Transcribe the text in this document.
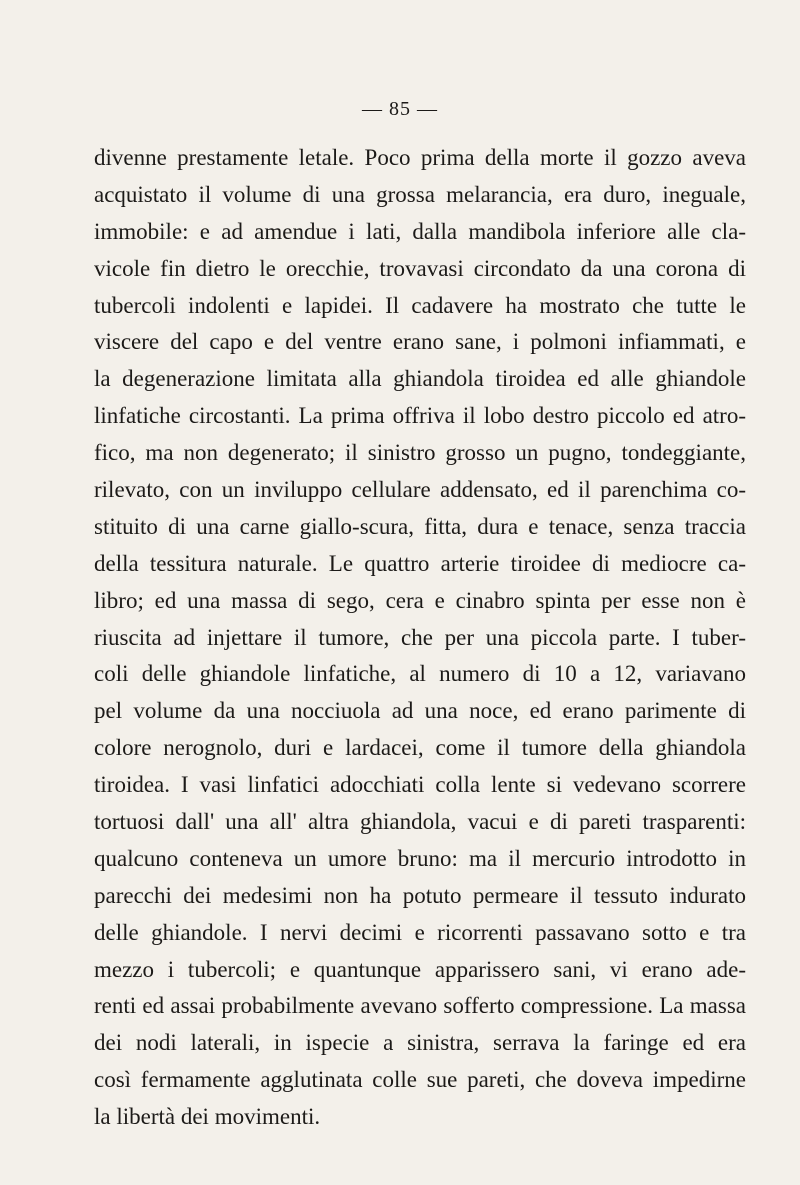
— 85 —
divenne prestamente letale. Poco prima della morte il gozzo aveva
acquistato il volume di una grossa melarancia, era duro, ineguale,
immobile: e ad amendue i lati, dalla mandibola inferiore alle cla-
vicole fin dietro le orecchie, trovavasi circondato da una corona di
tubercoli indolenti e lapidei. Il cadavere ha mostrato che tutte le
viscere del capo e del ventre erano sane, i polmoni infiammati, e
la degenerazione limitata alla ghiandola tiroidea ed alle ghiandole
linfatiche circostanti. La prima offriva il lobo destro piccolo ed atro-
fico, ma non degenerato; il sinistro grosso un pugno, tondeggiante,
rilevato, con un inviluppo cellulare addensato, ed il parenchima co-
stituito di una carne giallo-scura, fitta, dura e tenace, senza traccia
della tessitura naturale. Le quattro arterie tiroidee di mediocre ca-
libro; ed una massa di sego, cera e cinabro spinta per esse non è
riuscita ad injettare il tumore, che per una piccola parte. I tuber-
coli delle ghiandole linfatiche, al numero di 10 a 12, variavano
pel volume da una nocciuola ad una noce, ed erano parimente di
colore nerognolo, duri e lardacei, come il tumore della ghiandola
tiroidea. I vasi linfatici adocchiati colla lente si vedevano scorrere
tortuosi dall' una all' altra ghiandola, vacui e di pareti trasparenti:
qualcuno conteneva un umore bruno: ma il mercurio introdotto in
parecchi dei medesimi non ha potuto permeare il tessuto indurato
delle ghiandole. I nervi decimi e ricorrenti passavano sotto e tra
mezzo i tubercoli; e quantunque apparissero sani, vi erano ade-
renti ed assai probabilmente avevano sofferto compressione. La massa
dei nodi laterali, in ispecie a sinistra, serrava la faringe ed era
così fermamente agglutinata colle sue pareti, che doveva impedirne
la libertà dei movimenti.
